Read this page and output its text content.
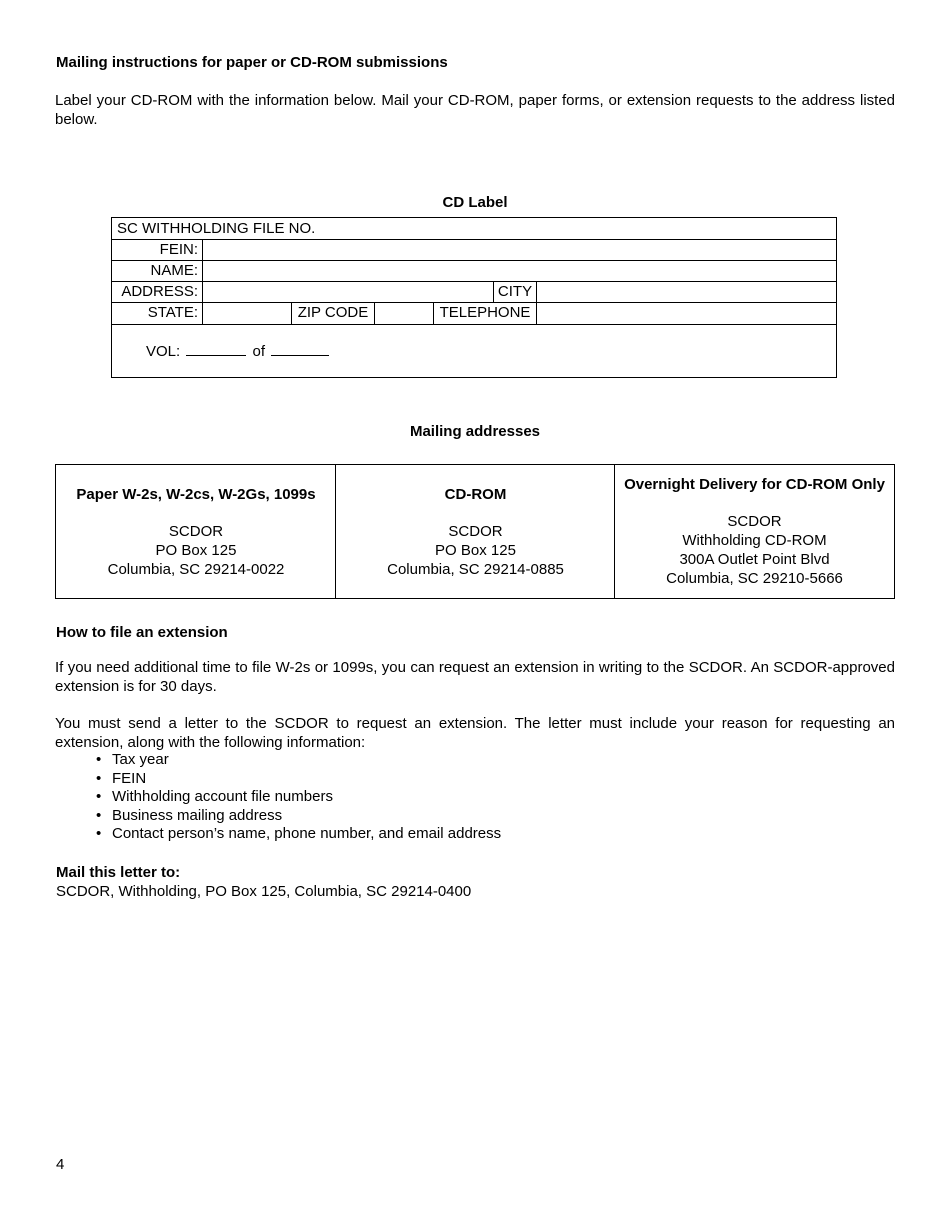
Mailing instructions for paper or CD-ROM submissions
Label your CD-ROM with the information below. Mail your CD-ROM, paper forms, or extension requests to the address listed below.
CD Label
SC WITHHOLDING FILE NO.
FEIN:
NAME:
ADDRESS:	CITY
STATE:	ZIP CODE	TELEPHONE
VOL:	of
Mailing addresses
Paper W-2s, W-2cs, W-2Gs, 1099s
SCDOR
PO Box 125
Columbia, SC 29214-0022
CD-ROM
SCDOR
PO Box 125
Columbia, SC 29214-0885
Overnight Delivery for CD-ROM Only
SCDOR
Withholding CD-ROM
300A Outlet Point Blvd
Columbia, SC 29210-5666
How to file an extension
If you need additional time to file W-2s or 1099s, you can request an extension in writing to the SCDOR. An SCDOR-approved extension is for 30 days.
You must send a letter to the SCDOR to request an extension. The letter must include your reason for requesting an extension, along with the following information:
• Tax year
• FEIN
• Withholding account file numbers
• Business mailing address
• Contact person’s name, phone number, and email address
Mail this letter to:
SCDOR, Withholding, PO Box 125, Columbia, SC 29214-0400
4
